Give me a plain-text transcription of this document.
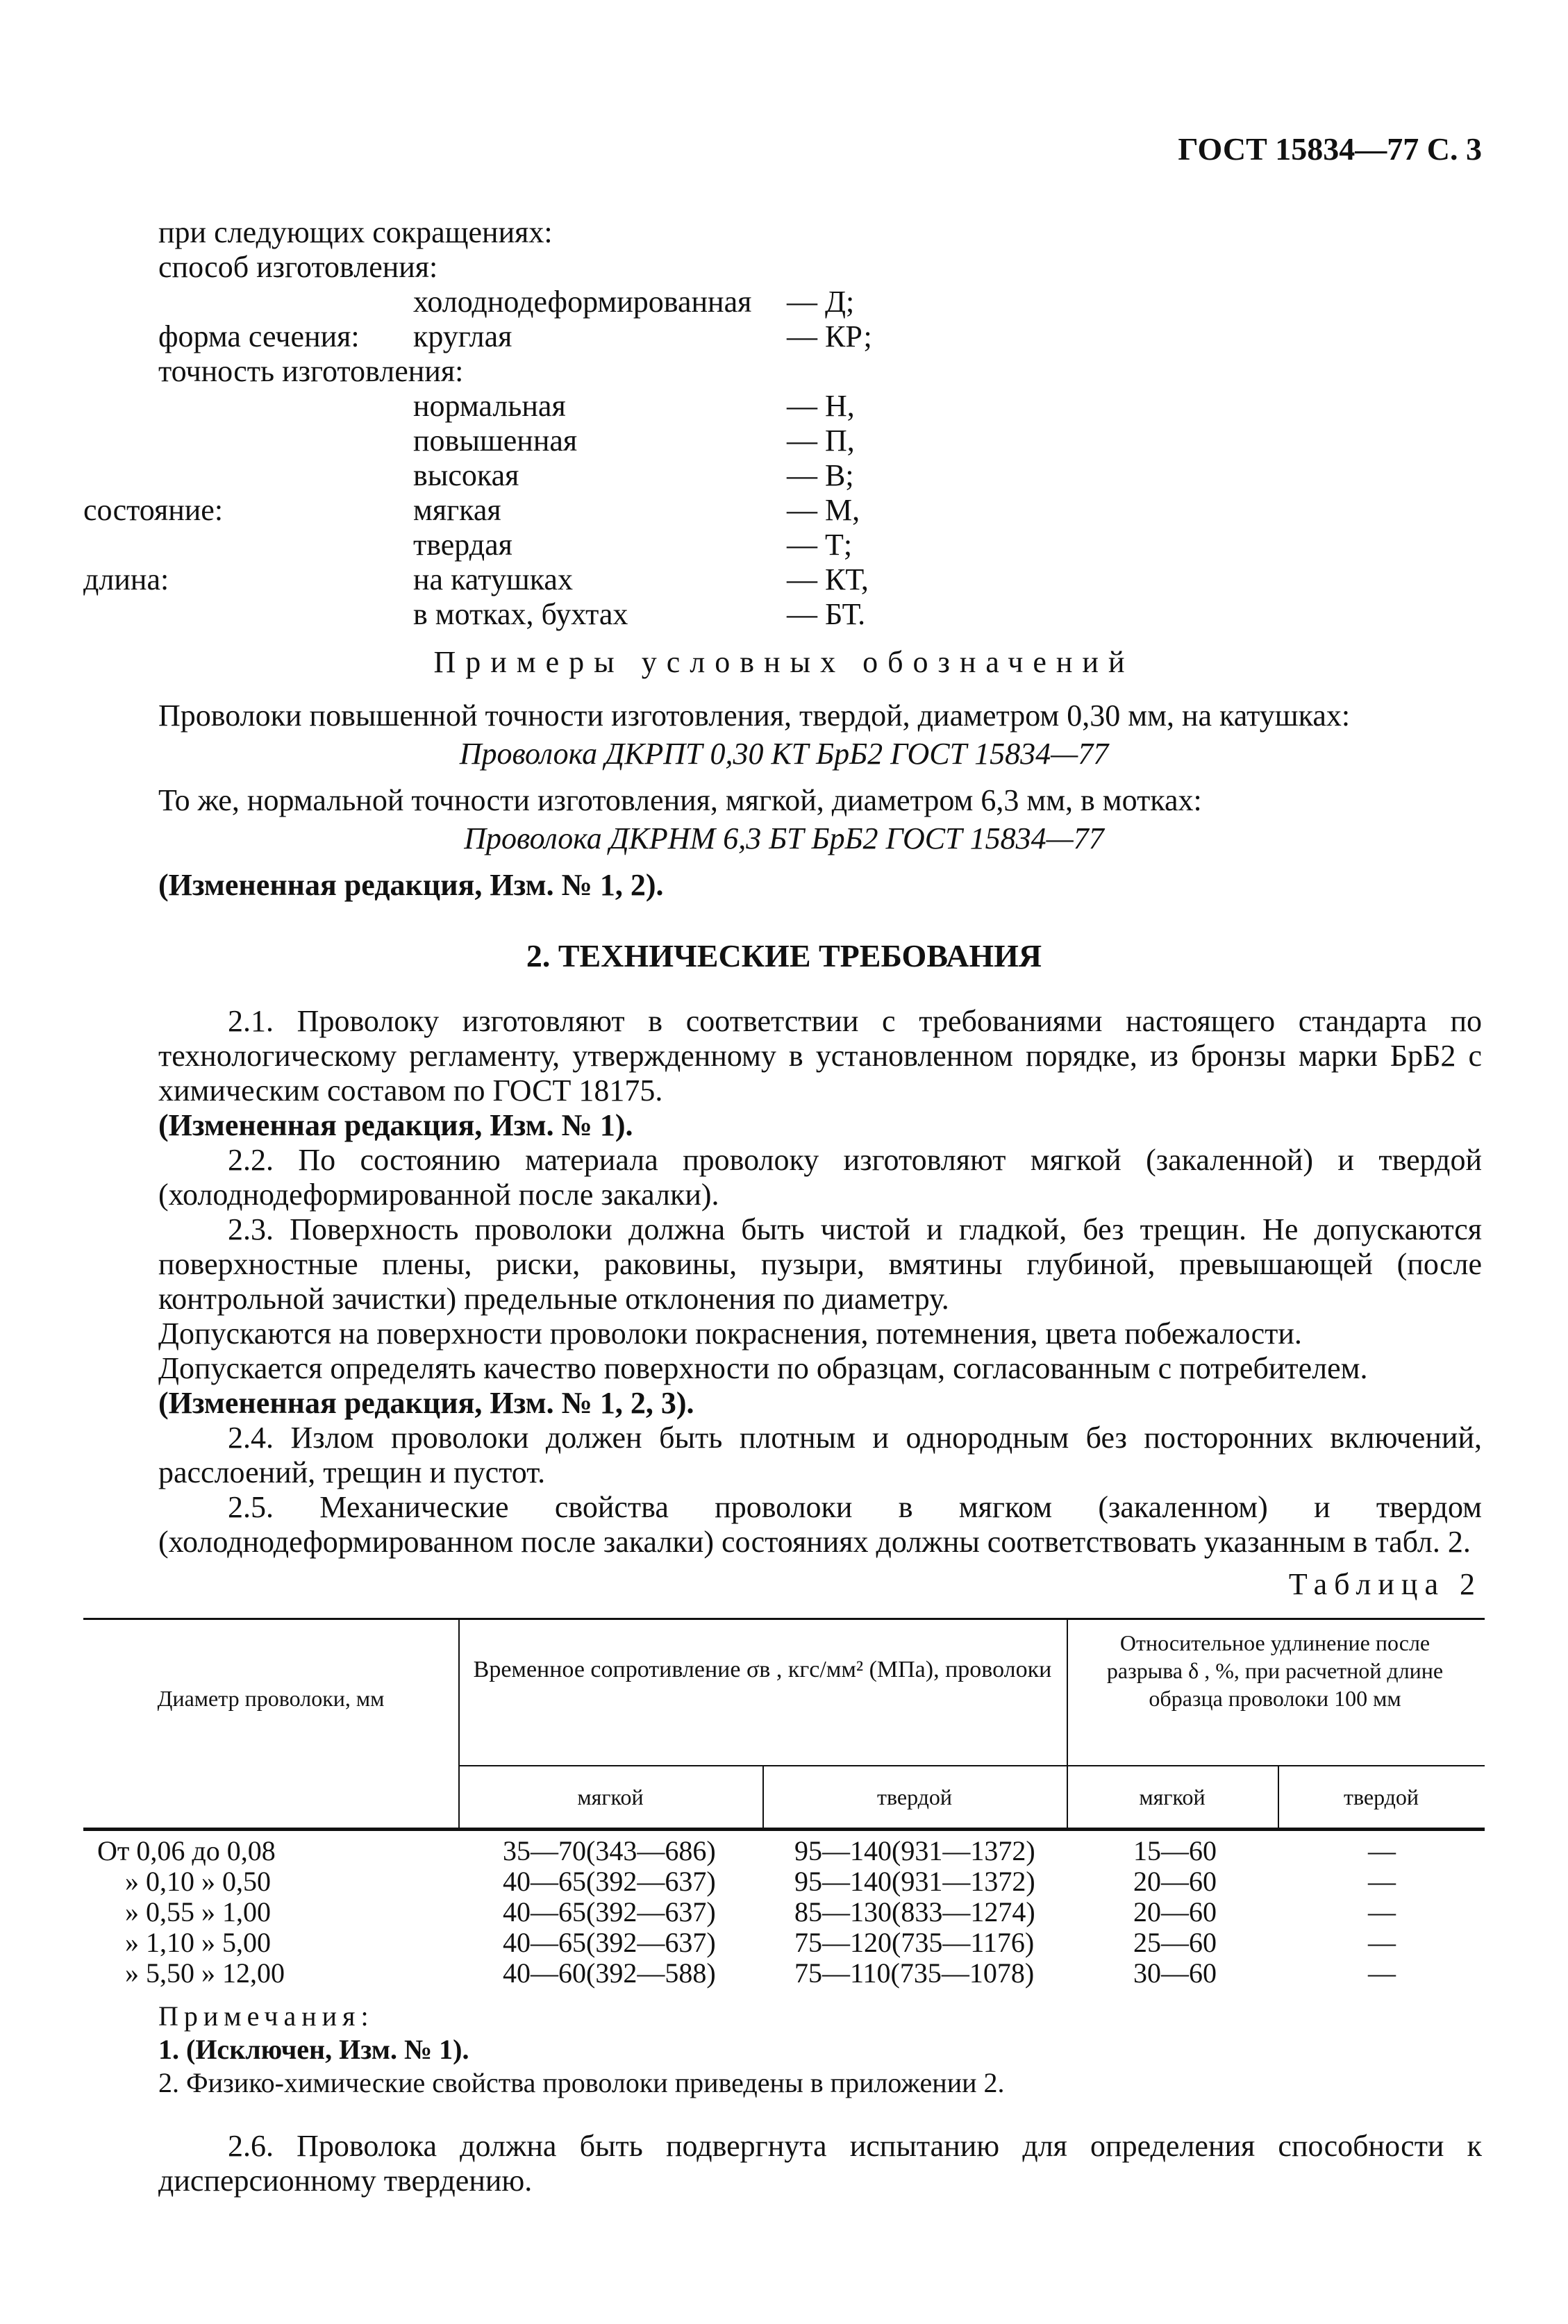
ГОСТ 15834—77 С. 3
при следующих сокращениях:
способ изготовления:
холоднодеформированная — Д;
форма сечения: круглая	— КР;
точность изготовления:
нормальная	— Н,
повышенная	— П,
высокая	— В;
состояние:	мягкая	— М,
твердая	— Т;
длина:	на катушках	— КТ,
в мотках, бухтах	— БТ.
Примеры условных обозначений
Проволоки повышенной точности изготовления, твердой, диаметром 0,30 мм, на катушках:
Проволока ДКРПТ 0,30 КТ БрБ2 ГОСТ 15834—77
То же, нормальной точности изготовления, мягкой, диаметром 6,3 мм, в мотках:
Проволока ДКРНМ 6,3 БТ БрБ2 ГОСТ 15834—77
(Измененная редакция, Изм. № 1, 2).
2. ТЕХНИЧЕСКИЕ ТРЕБОВАНИЯ
2.1. Проволоку изготовляют в соответствии с требованиями настоящего стандарта по технологическому регламенту, утвержденному в установленном порядке, из бронзы марки БрБ2 с химическим составом по ГОСТ 18175.
(Измененная редакция, Изм. № 1).
2.2. По состоянию материала проволоку изготовляют мягкой (закаленной) и твердой (холоднодеформированной после закалки).
2.3. Поверхность проволоки должна быть чистой и гладкой, без трещин. Не допускаются поверхностные плены, риски, раковины, пузыри, вмятины глубиной, превышающей (после контрольной зачистки) предельные отклонения по диаметру.
Допускаются на поверхности проволоки покраснения, потемнения, цвета побежалости.
Допускается определять качество поверхности по образцам, согласованным с потребителем.
(Измененная редакция, Изм. № 1, 2, 3).
2.4. Излом проволоки должен быть плотным и однородным без посторонних включений, расслоений, трещин и пустот.
2.5. Механические свойства проволоки в мягком (закаленном) и твердом (холоднодеформированном после закалки) состояниях должны соответствовать указанным в табл. 2.
Таблица 2
Диаметр проволоки, мм
Временное сопротивление σв , кгс/мм² (МПа), проволоки
Относительное удлинение после разрыва δ , %, при расчетной длине образца проволоки 100 мм
мягкой	твердой	мягкой	твердой
От 0,06 до 0,08	35—70(343—686)	95—140(931—1372)	15—60	—
» 0,10 » 0,50	40—65(392—637)	95—140(931—1372)	20—60	—
» 0,55 » 1,00	40—65(392—637)	85—130(833—1274)	20—60	—
» 1,10 » 5,00	40—65(392—637)	75—120(735—1176)	25—60	—
» 5,50 » 12,00	40—60(392—588)	75—110(735—1078)	30—60	—
Примечания:
1. (Исключен, Изм. № 1).
2. Физико-химические свойства проволоки приведены в приложении 2.
2.6. Проволока должна быть подвергнута испытанию для определения способности к дисперсионному твердению.
